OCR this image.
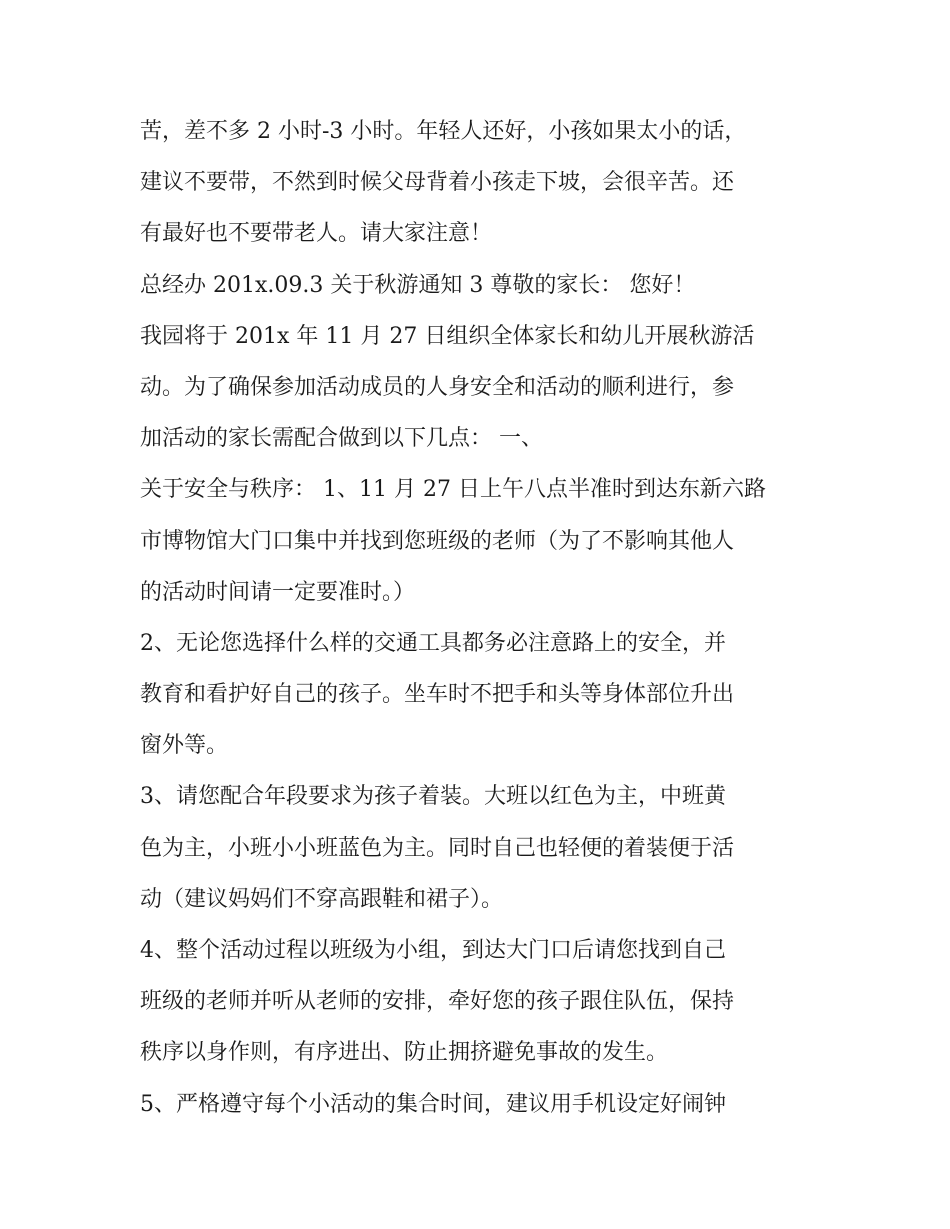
苦，差不多 2 小时-3 小时。年轻人还好，小孩如果太小的话，
建议不要带，不然到时候父母背着小孩走下坡，会很辛苦。还
有最好也不要带老人。请大家注意！
总经办 201x.09.3 关于秋游通知 3 尊敬的家长： 您好！
我园将于 201x 年 11 月 27 日组织全体家长和幼儿开展秋游活
动。为了确保参加活动成员的人身安全和活动的顺利进行，参
加活动的家长需配合做到以下几点： 一、
关于安全与秩序： 1、11 月 27 日上午八点半准时到达东新六路
市博物馆大门口集中并找到您班级的老师（为了不影响其他人
的活动时间请一定要准时。）
2、无论您选择什么样的交通工具都务必注意路上的安全，并
教育和看护好自己的孩子。坐车时不把手和头等身体部位升出
窗外等。
3、请您配合年段要求为孩子着装。大班以红色为主，中班黄
色为主，小班小小班蓝色为主。同时自己也轻便的着装便于活
动（建议妈妈们不穿高跟鞋和裙子）。
4、整个活动过程以班级为小组，到达大门口后请您找到自己
班级的老师并听从老师的安排，牵好您的孩子跟住队伍，保持
秩序以身作则，有序进出、防止拥挤避免事故的发生。
5、严格遵守每个小活动的集合时间，建议用手机设定好闹钟
